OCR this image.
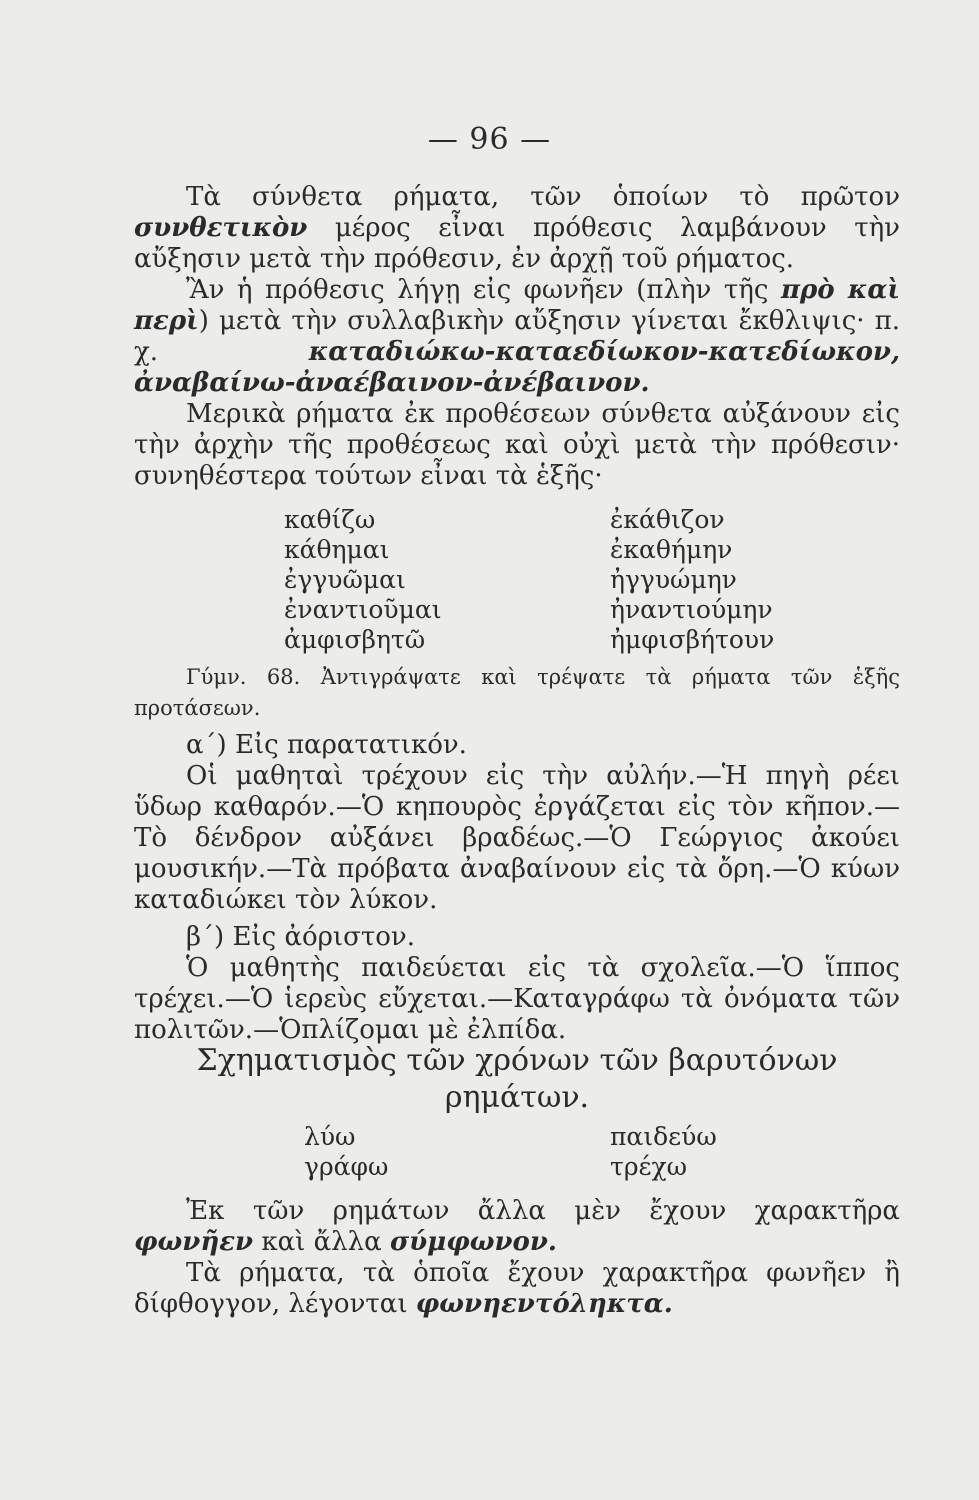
— 96 —

Τὰ σύνθετα ρήματα, τῶν ὁποίων τὸ πρῶτον συνθετικὸν μέρος εἶναι πρόθεσις λαμβάνουν τὴν αὔξησιν μετὰ τὴν πρόθεσιν, ἐν ἀρχῇ τοῦ ρήματος.

Ἂν ἡ πρόθεσις λήγῃ εἰς φωνῆεν (πλὴν τῆς πρὸ καὶ περὶ) μετὰ τὴν συλλαβικὴν αὔξησιν γίνεται ἔκθλιψις· π. χ. καταδιώκω-καταεδίωκον-κατεδίωκον, ἀναβαίνω-ἀναέβαινον-ἀνέβαινον.

Μερικὰ ρήματα ἐκ προθέσεων σύνθετα αὐξάνουν εἰς τὴν ἀρχὴν τῆς προθέσεως καὶ οὐχὶ μετὰ τὴν πρόθεσιν· συνηθέστερα τούτων εἶναι τὰ ἑξῆς·

καθίζω	ἐκάθιζον
κάθημαι	ἐκαθήμην
ἐγγυῶμαι	ἠγγυώμην
ἐναντιοῦμαι	ἠναντιούμην
ἀμφισβητῶ	ἠμφισβήτουν

Γύμν. 68. Ἀντιγράψατε καὶ τρέψατε τὰ ρήματα τῶν ἑξῆς προτάσεων.

α΄) Εἰς παρατατικόν.

Οἱ μαθηταὶ τρέχουν εἰς τὴν αὐλήν.—Ἡ πηγὴ ρέει ὕδωρ καθαρόν.—Ὁ κηπουρὸς ἐργάζεται εἰς τὸν κῆπον.—Τὸ δένδρον αὐξάνει βραδέως.—Ὁ Γεώργιος ἀκούει μουσικήν.—Τὰ πρόβατα ἀναβαίνουν εἰς τὰ ὄρη.—Ὁ κύων καταδιώκει τὸν λύκον.

β΄) Εἰς ἀόριστον.

Ὁ μαθητὴς παιδεύεται εἰς τὰ σχολεῖα.—Ὁ ἵππος τρέχει.—Ὁ ἱερεὺς εὔχεται.—Καταγράφω τὰ ὀνόματα τῶν πολιτῶν.—Ὁπλίζομαι μὲ ἐλπίδα.

Σχηματισμὸς τῶν χρόνων τῶν βαρυτόνων ρημάτων.
λύω	παιδεύω
γράφω	τρέχω

Ἐκ τῶν ρημάτων ἄλλα μὲν ἔχουν χαρακτῆρα φωνῆεν καὶ ἄλλα σύμφωνον.

Τὰ ρήματα, τὰ ὁποῖα ἔχουν χαρακτῆρα φωνῆεν ἢ δίφθογγον, λέγονται φωνηεντόληκτα.
